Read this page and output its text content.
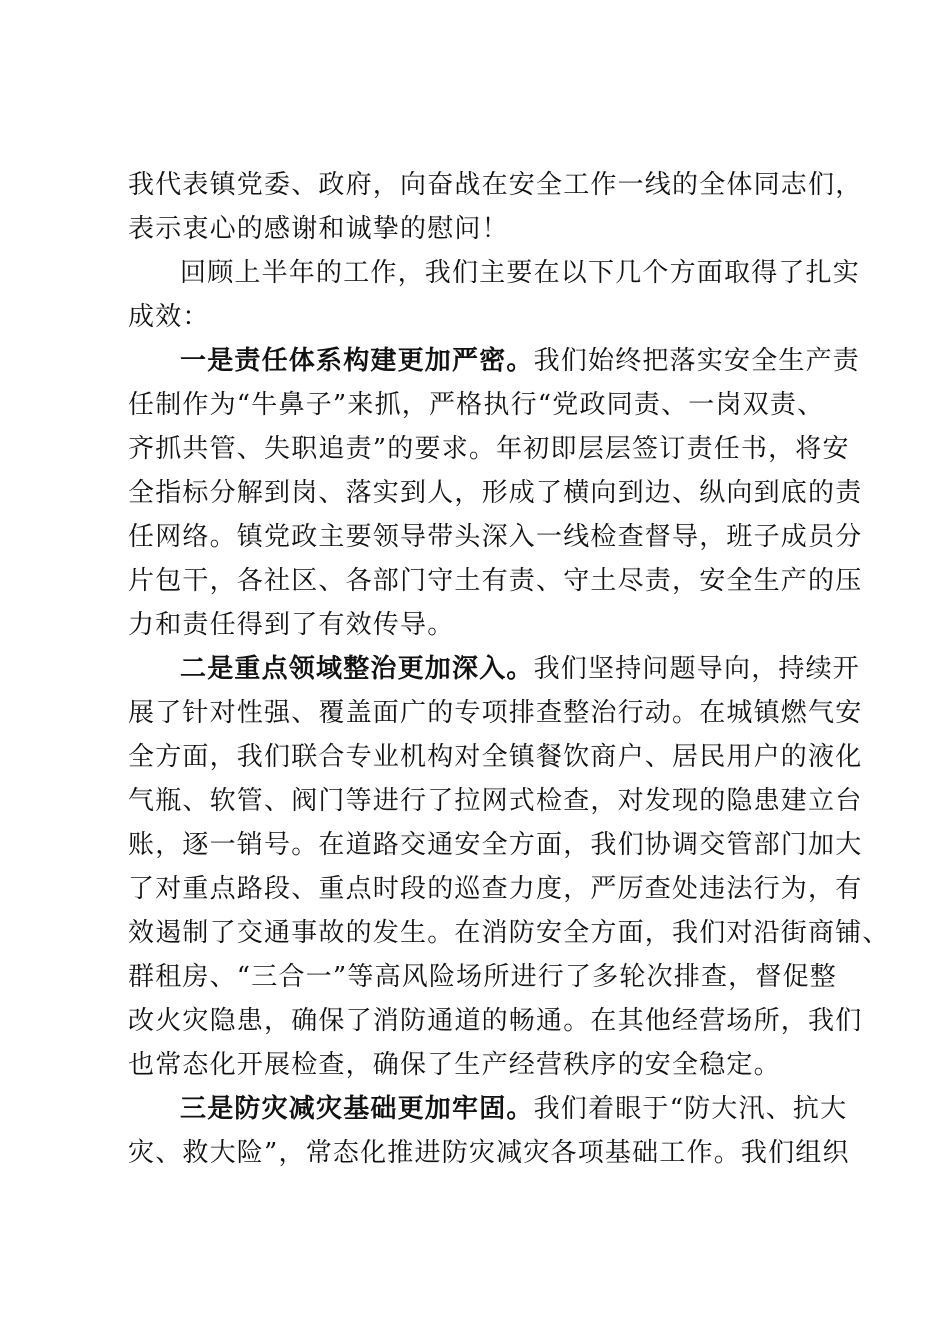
我代表镇党委、政府，向奋战在安全工作一线的全体同志们，
表示衷心的感谢和诚挚的慰问！
回顾上半年的工作，我们主要在以下几个方面取得了扎实
成效：
一是责任体系构建更加严密。我们始终把落实安全生产责
任制作为“牛鼻子”来抓，严格执行“党政同责、一岗双责、
齐抓共管、失职追责”的要求。年初即层层签订责任书，将安
全指标分解到岗、落实到人，形成了横向到边、纵向到底的责
任网络。镇党政主要领导带头深入一线检查督导，班子成员分
片包干，各社区、各部门守土有责、守土尽责，安全生产的压
力和责任得到了有效传导。
二是重点领域整治更加深入。我们坚持问题导向，持续开
展了针对性强、覆盖面广的专项排查整治行动。在城镇燃气安
全方面，我们联合专业机构对全镇餐饮商户、居民用户的液化
气瓶、软管、阀门等进行了拉网式检查，对发现的隐患建立台
账，逐一销号。在道路交通安全方面，我们协调交管部门加大
了对重点路段、重点时段的巡查力度，严厉查处违法行为，有
效遏制了交通事故的发生。在消防安全方面，我们对沿街商铺、
群租房、“三合一”等高风险场所进行了多轮次排查，督促整
改火灾隐患，确保了消防通道的畅通。在其他经营场所，我们
也常态化开展检查，确保了生产经营秩序的安全稳定。
三是防灾减灾基础更加牢固。我们着眼于“防大汛、抗大
灾、救大险”，常态化推进防灾减灾各项基础工作。我们组织
